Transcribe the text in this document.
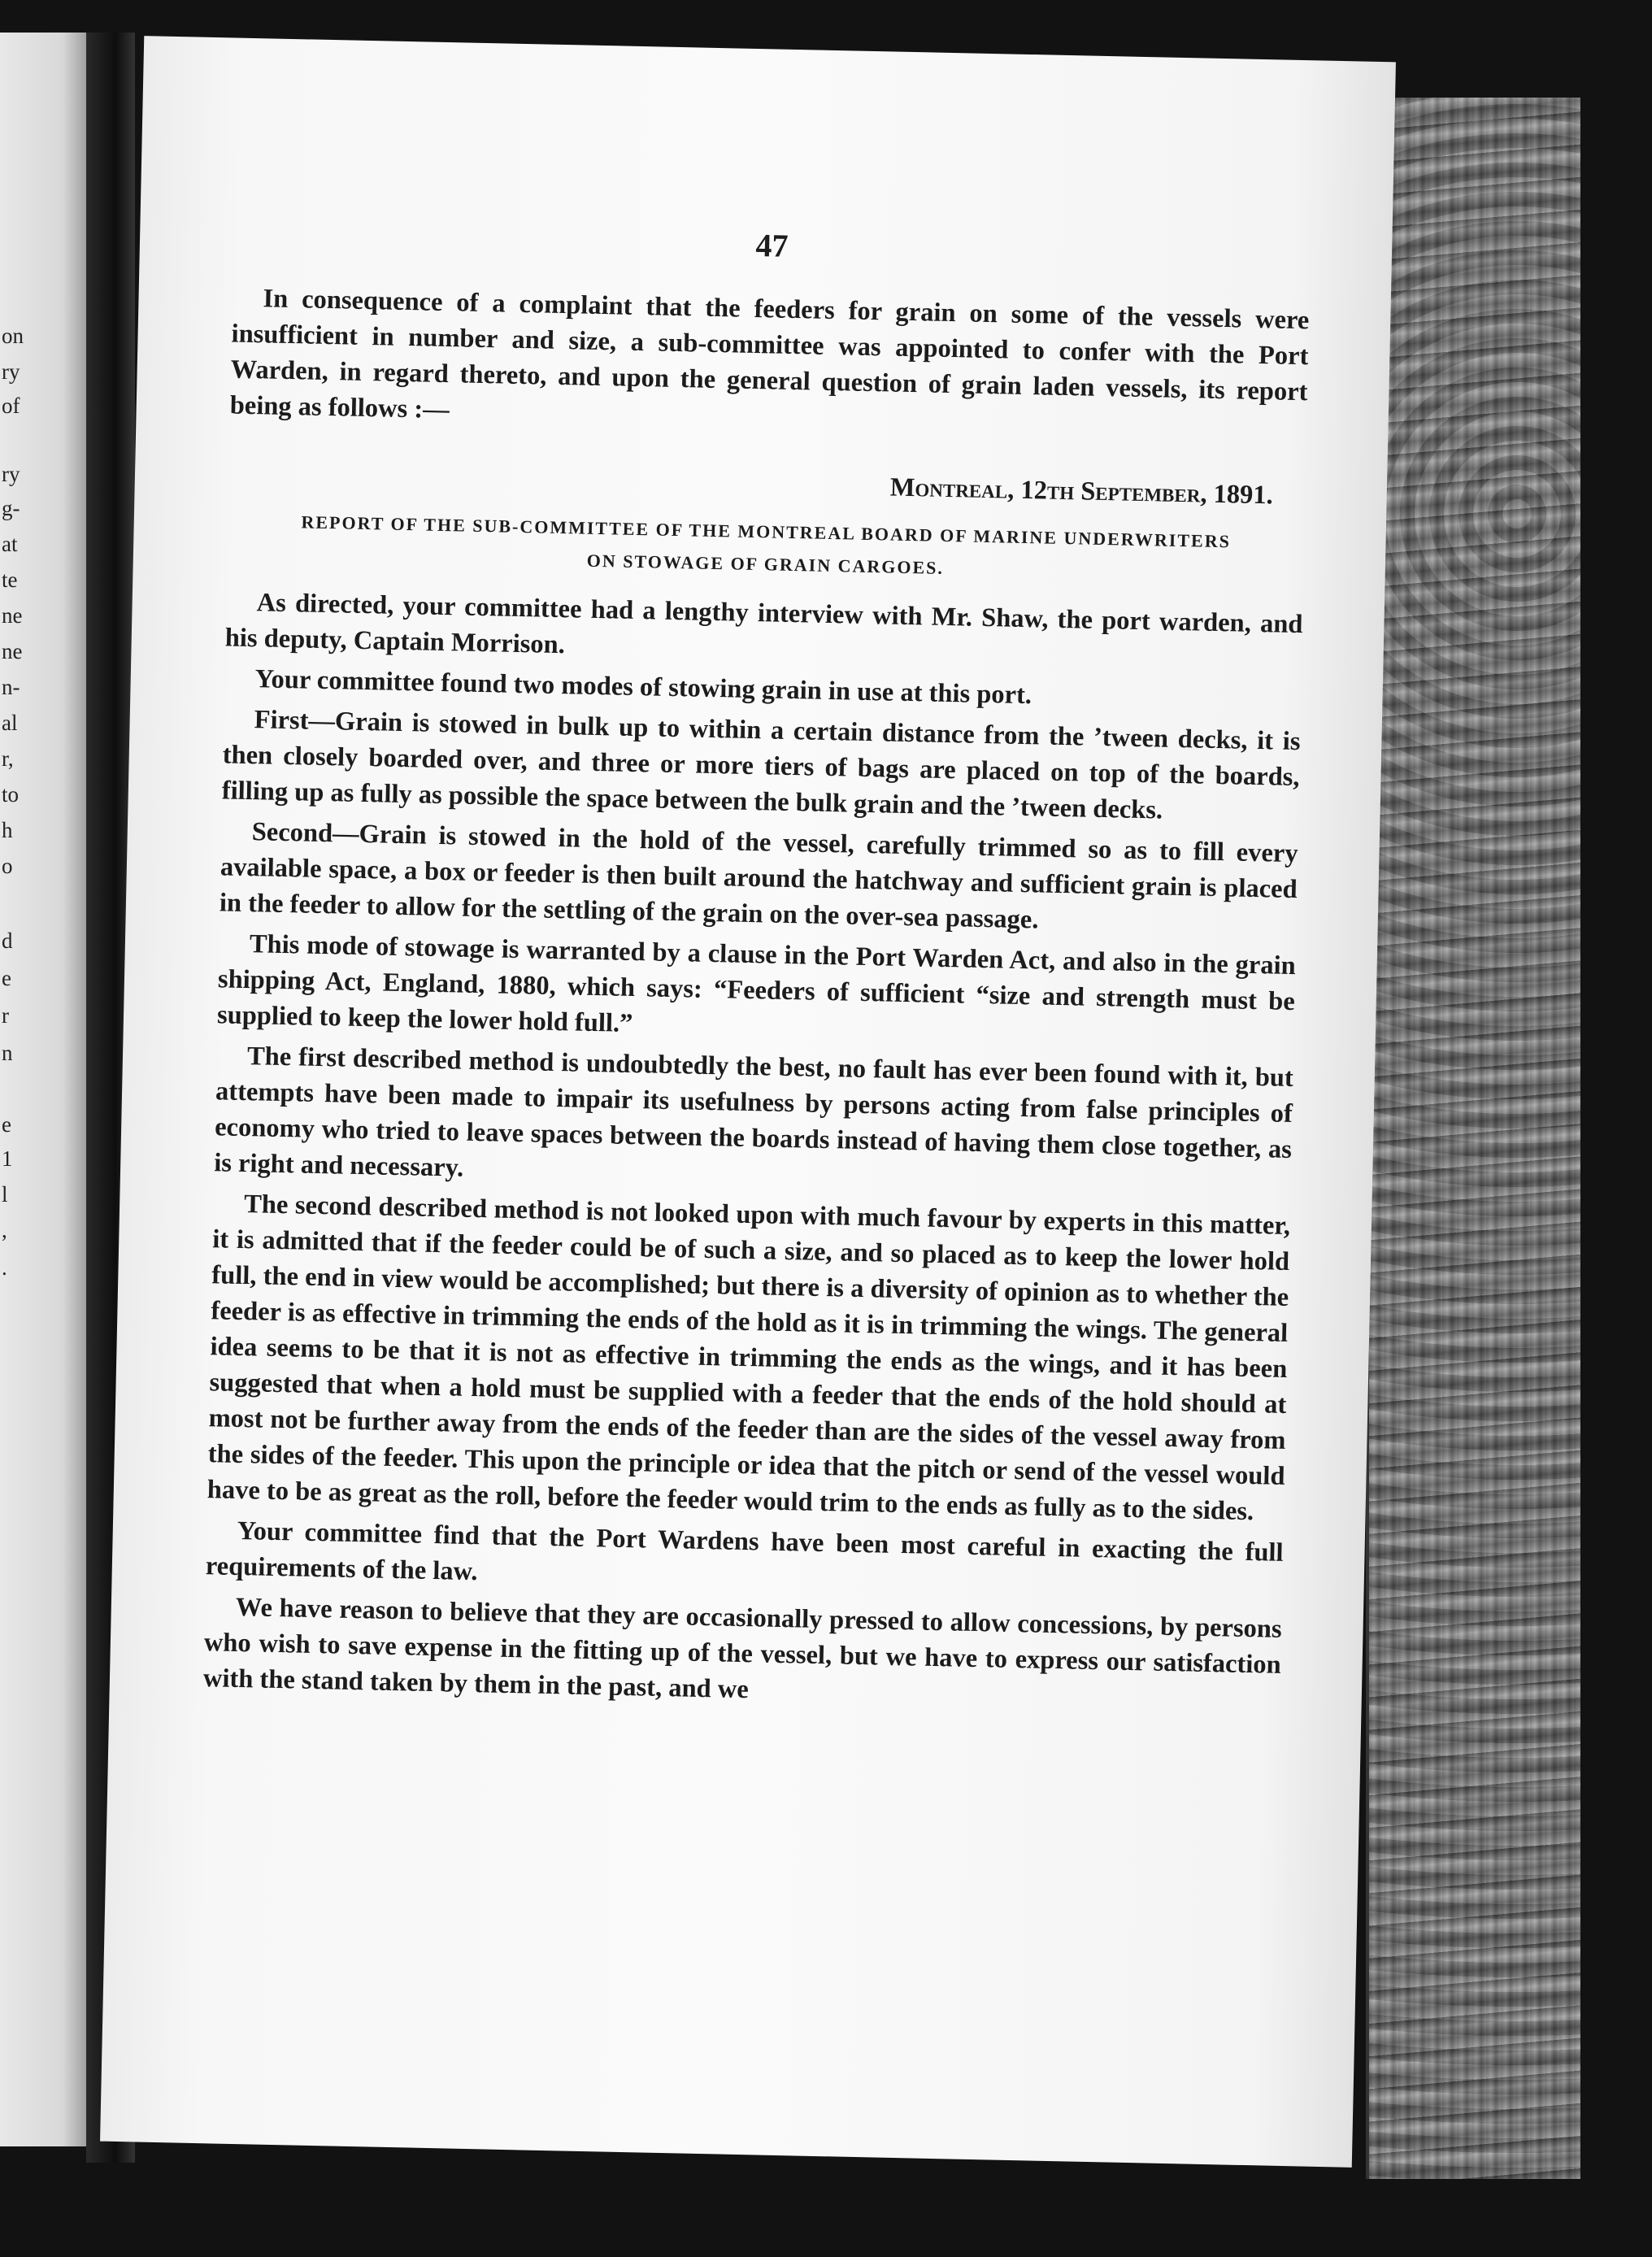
on
ry
of
ry
g-
at
te
ne
ne
n-
al
r,
to
h
o
d
e
r
n
e
1
l
,
.
47

In consequence of a complaint that the feeders for grain on some of the vessels were insufficient in number and size, a sub-committee was appointed to confer with the Port Warden, in regard thereto, and upon the general question of grain laden vessels, its report being as follows :—

Montreal, 12th September, 1891.
REPORT OF THE SUB-COMMITTEE OF THE MONTREAL BOARD OF MARINE UNDERWRITERS
ON STOWAGE OF GRAIN CARGOES.

As directed, your committee had a lengthy interview with Mr. Shaw, the port warden, and his deputy, Captain Morrison.

Your committee found two modes of stowing grain in use at this port.

First—Grain is stowed in bulk up to within a certain distance from the ’tween decks, it is then closely boarded over, and three or more tiers of bags are placed on top of the boards, filling up as fully as possible the space between the bulk grain and the ’tween decks.

Second—Grain is stowed in the hold of the vessel, carefully trimmed so as to fill every available space, a box or feeder is then built around the hatchway and sufficient grain is placed in the feeder to allow for the settling of the grain on the over-sea passage.

This mode of stowage is warranted by a clause in the Port Warden Act, and also in the grain shipping Act, England, 1880, which says: “Feeders of sufficient “size and strength must be supplied to keep the lower hold full.”

The first described method is undoubtedly the best, no fault has ever been found with it, but attempts have been made to impair its usefulness by persons acting from false principles of economy who tried to leave spaces between the boards instead of having them close together, as is right and necessary.

The second described method is not looked upon with much favour by experts in this matter, it is admitted that if the feeder could be of such a size, and so placed as to keep the lower hold full, the end in view would be accomplished; but there is a diversity of opinion as to whether the feeder is as effective in trimming the ends of the hold as it is in trimming the wings. The general idea seems to be that it is not as effective in trimming the ends as the wings, and it has been suggested that when a hold must be supplied with a feeder that the ends of the hold should at most not be further away from the ends of the feeder than are the sides of the vessel away from the sides of the feeder. This upon the principle or idea that the pitch or send of the vessel would have to be as great as the roll, before the feeder would trim to the ends as fully as to the sides.

Your committee find that the Port Wardens have been most careful in exacting the full requirements of the law.

We have reason to believe that they are occasionally pressed to allow concessions, by persons who wish to save expense in the fitting up of the vessel, but we have to express our satisfaction with the stand taken by them in the past, and we
